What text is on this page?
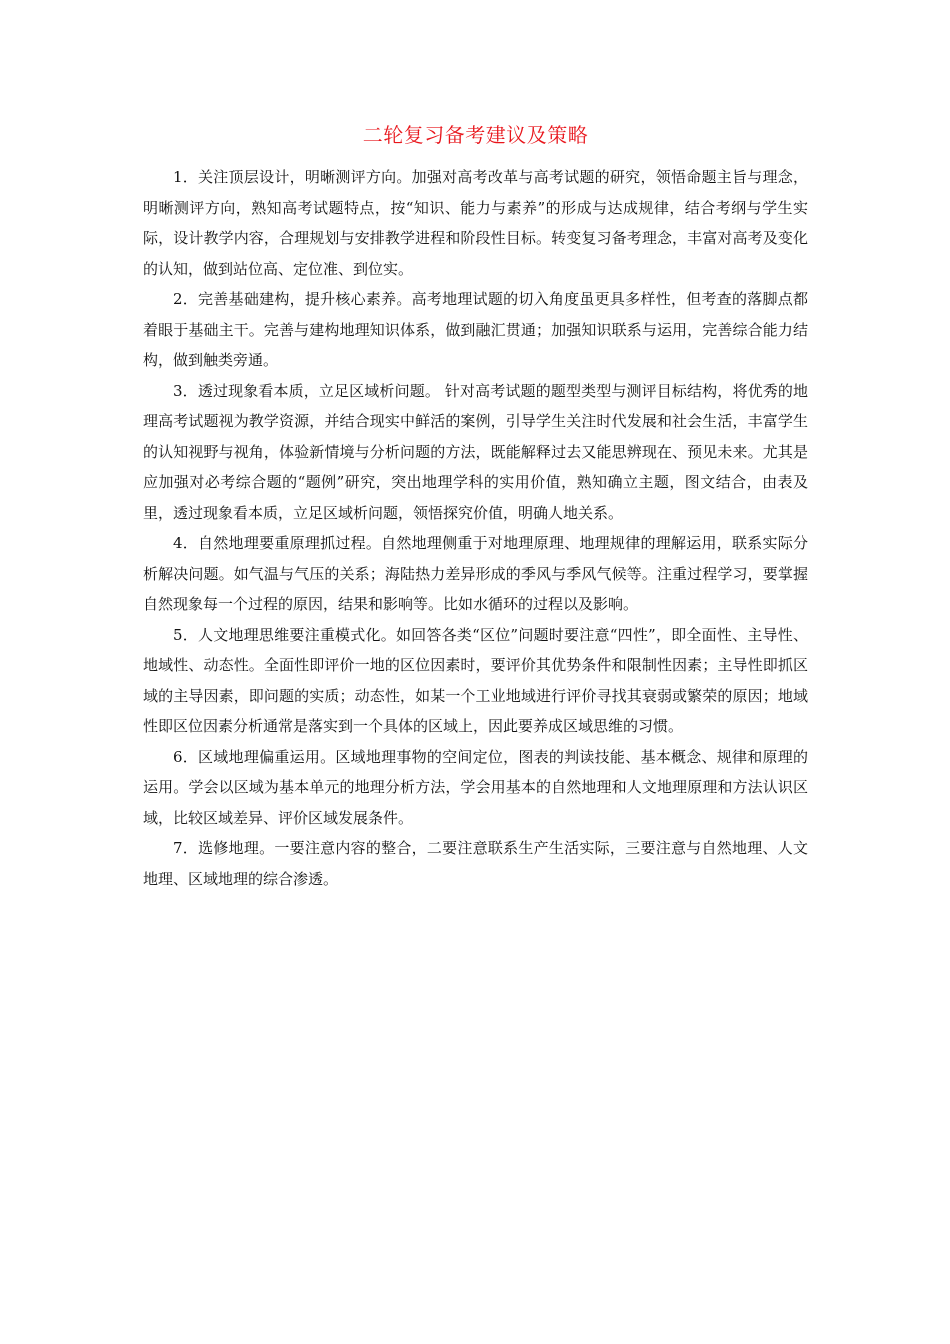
二轮复习备考建议及策略

1．关注顶层设计，明晰测评方向。加强对高考改革与高考试题的研究，领悟命题主旨与理念，明晰测评方向，熟知高考试题特点，按“知识、能力与素养”的形成与达成规律，结合考纲与学生实际，设计教学内容，合理规划与安排教学进程和阶段性目标。转变复习备考理念，丰富对高考及变化的认知，做到站位高、定位准、到位实。

2．完善基础建构，提升核心素养。高考地理试题的切入角度虽更具多样性，但考查的落脚点都着眼于基础主干。完善与建构地理知识体系，做到融汇贯通；加强知识联系与运用，完善综合能力结构，做到触类旁通。

3．透过现象看本质，立足区域析问题。 针对高考试题的题型类型与测评目标结构，将优秀的地理高考试题视为教学资源，并结合现实中鲜活的案例，引导学生关注时代发展和社会生活，丰富学生的认知视野与视角，体验新情境与分析问题的方法，既能解释过去又能思辨现在、预见未来。尤其是应加强对必考综合题的“题例”研究，突出地理学科的实用价值，熟知确立主题，图文结合，由表及里，透过现象看本质，立足区域析问题，领悟探究价值，明确人地关系。

4．自然地理要重原理抓过程。自然地理侧重于对地理原理、地理规律的理解运用，联系实际分析解决问题。如气温与气压的关系；海陆热力差异形成的季风与季风气候等。注重过程学习，要掌握自然现象每一个过程的原因，结果和影响等。比如水循环的过程以及影响。

5．人文地理思维要注重模式化。如回答各类“区位”问题时要注意“四性”，即全面性、主导性、地域性、动态性。全面性即评价一地的区位因素时，要评价其优势条件和限制性因素；主导性即抓区域的主导因素，即问题的实质；动态性，如某一个工业地域进行评价寻找其衰弱或繁荣的原因；地域性即区位因素分析通常是落实到一个具体的区域上，因此要养成区域思维的习惯。

6．区域地理偏重运用。区域地理事物的空间定位，图表的判读技能、基本概念、规律和原理的运用。学会以区域为基本单元的地理分析方法，学会用基本的自然地理和人文地理原理和方法认识区域，比较区域差异、评价区域发展条件。

7．选修地理。一要注意内容的整合，二要注意联系生产生活实际，三要注意与自然地理、人文地理、区域地理的综合渗透。
